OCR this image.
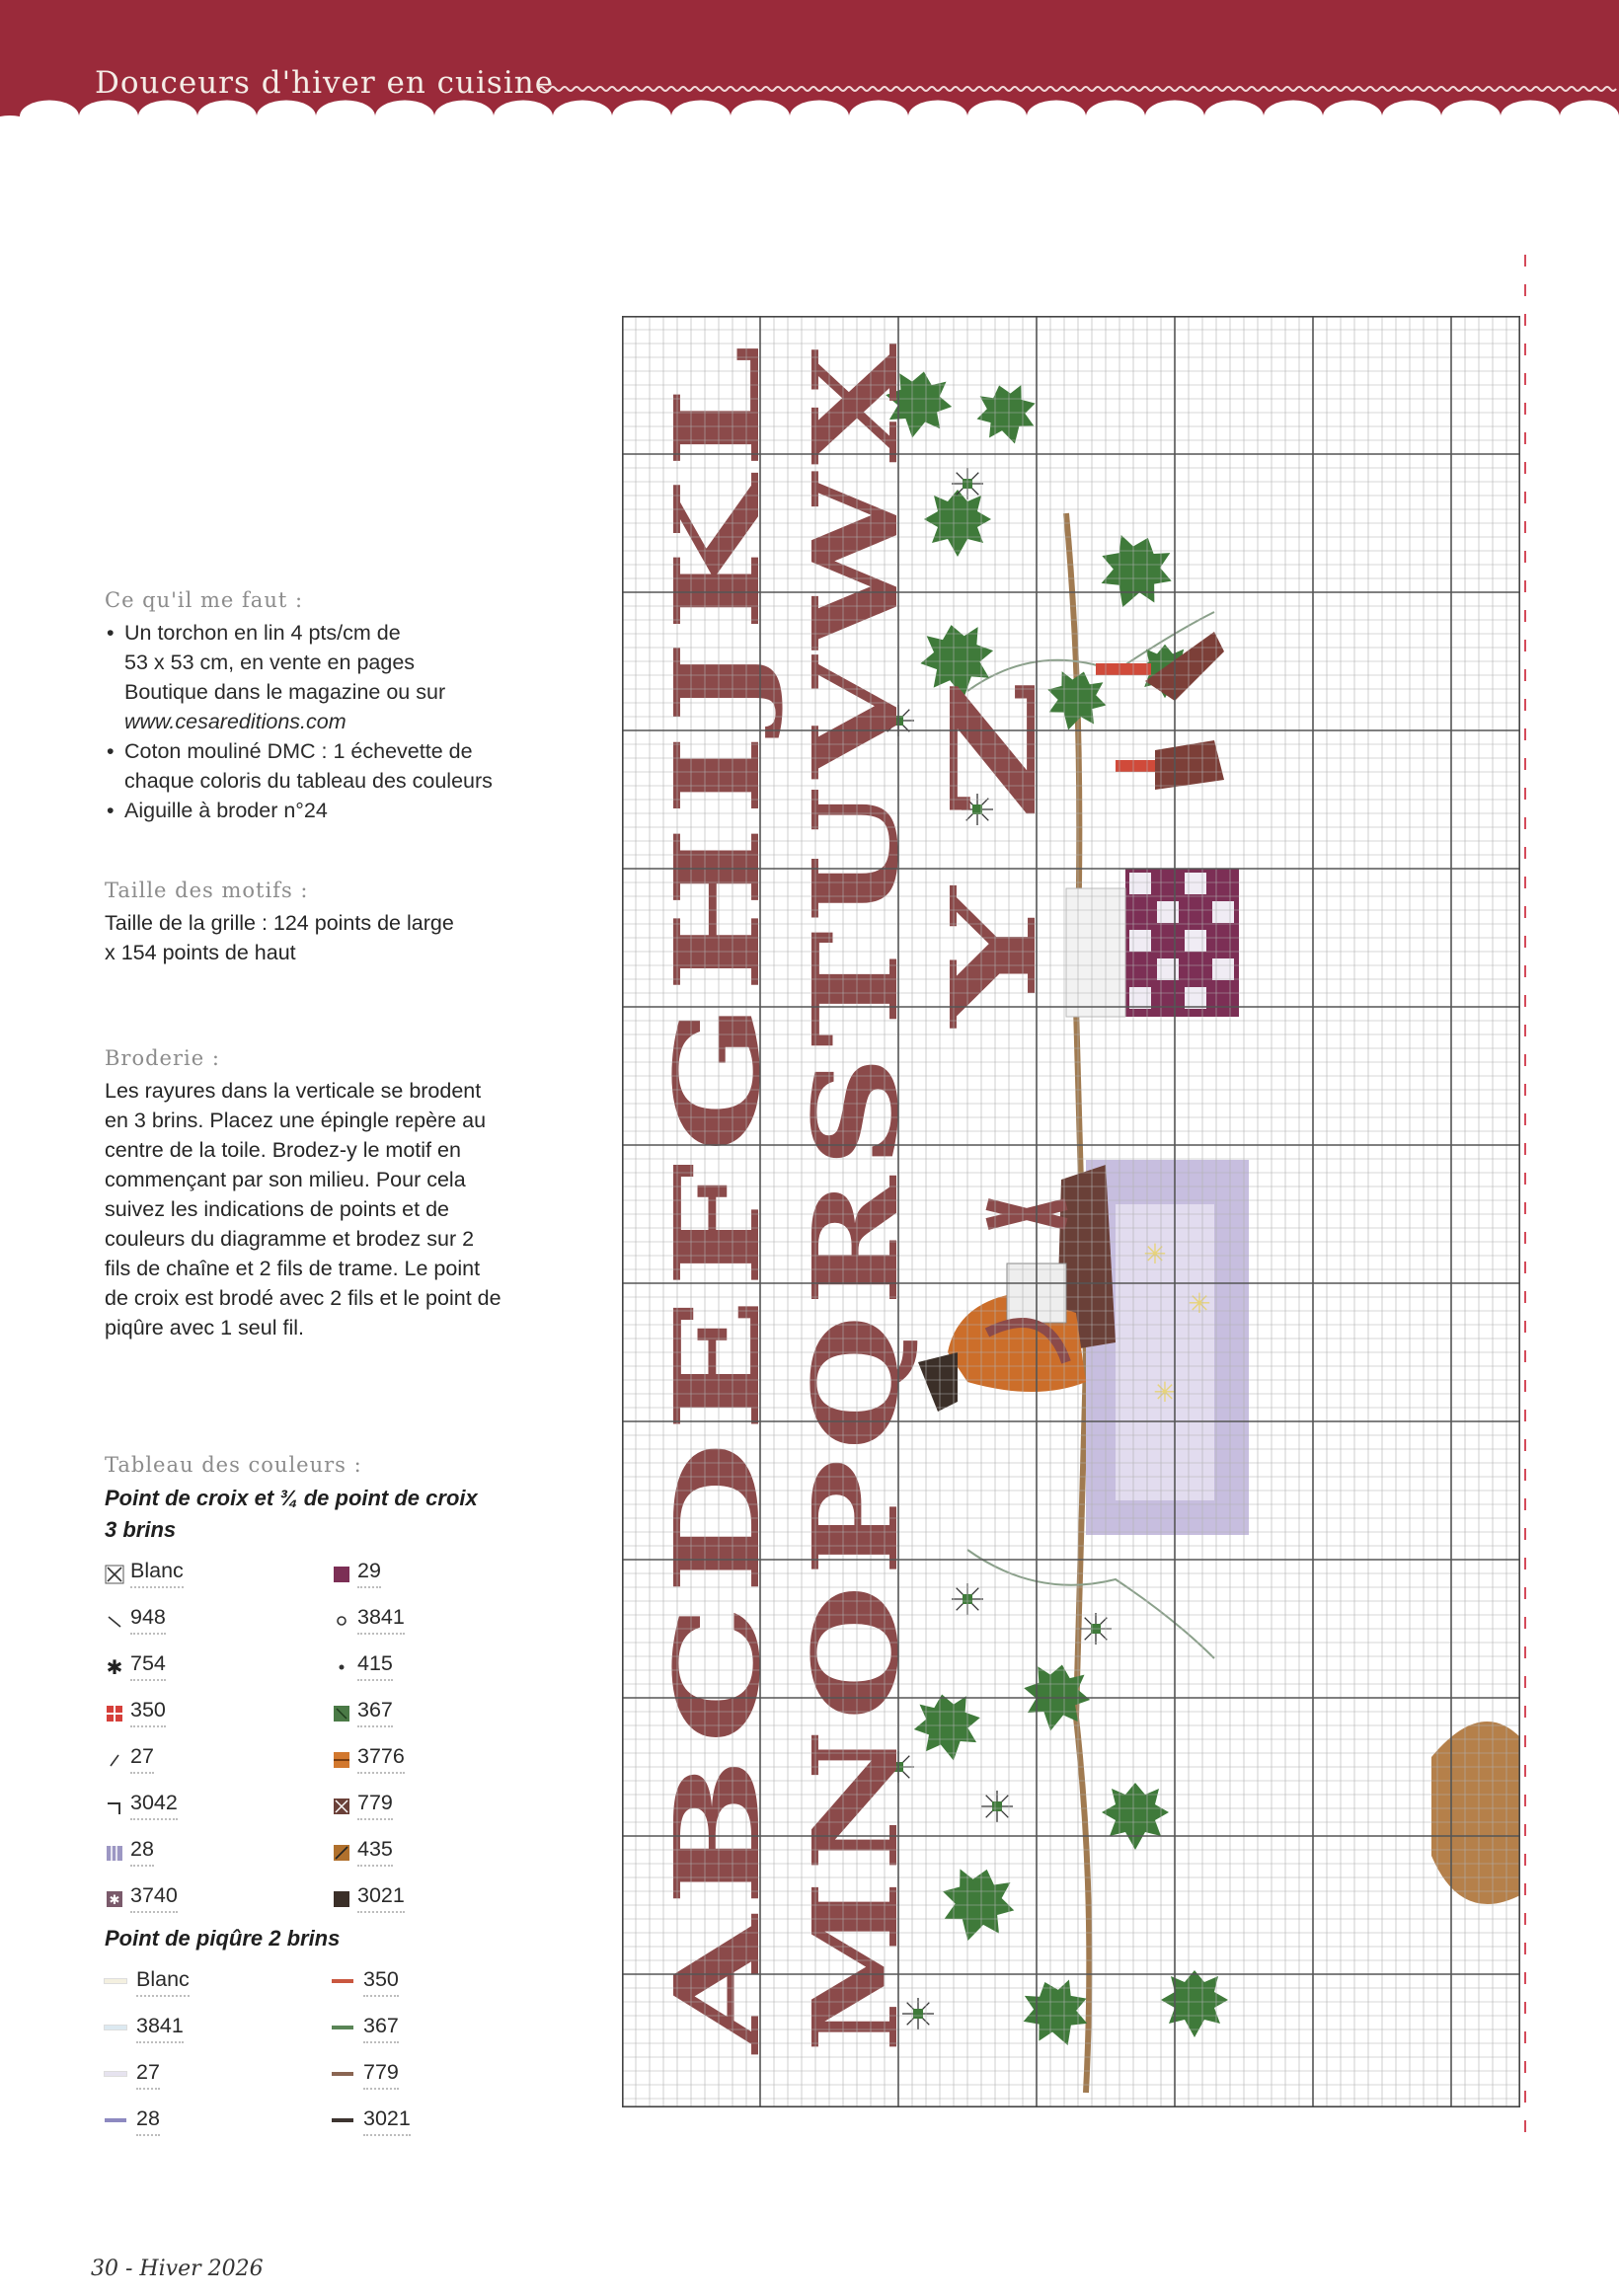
Douceurs d'hiver en cuisine
Ce qu'il me faut :
• Un torchon en lin 4 pts/cm de
53 x 53 cm, en vente en pages
Boutique dans le magazine ou sur
www.cesareditions.com
• Coton mouliné DMC : 1 échevette de
chaque coloris du tableau des couleurs
• Aiguille à broder n°24
Taille des motifs :
Taille de la grille : 124 points de large
x 154 points de haut
Broderie :
Les rayures dans la verticale se brodent
en 3 brins. Placez une épingle repère au
centre de la toile. Brodez-y le motif en
commençant par son milieu. Pour cela
suivez les indications de points et de
couleurs du diagramme et brodez sur 2
fils de chaîne et 2 fils de trame. Le point
de croix est brodé avec 2 fils et le point de
piqûre avec 1 seul fil.
Tableau des couleurs :
Point de croix et ¾ de point de croix
3 brins
Blanc	29
948	3841
✱ 754	415
350	367
27	3776
3042	779
28	435
✱ 3740	3021
Point de piqûre 2 brins
Blanc	350
3841	367
27	779
28	3021
✳
✳
✳
ABCDEFGHIJKL MNOPQRSTUVWX YZ
30 - Hiver 2026
